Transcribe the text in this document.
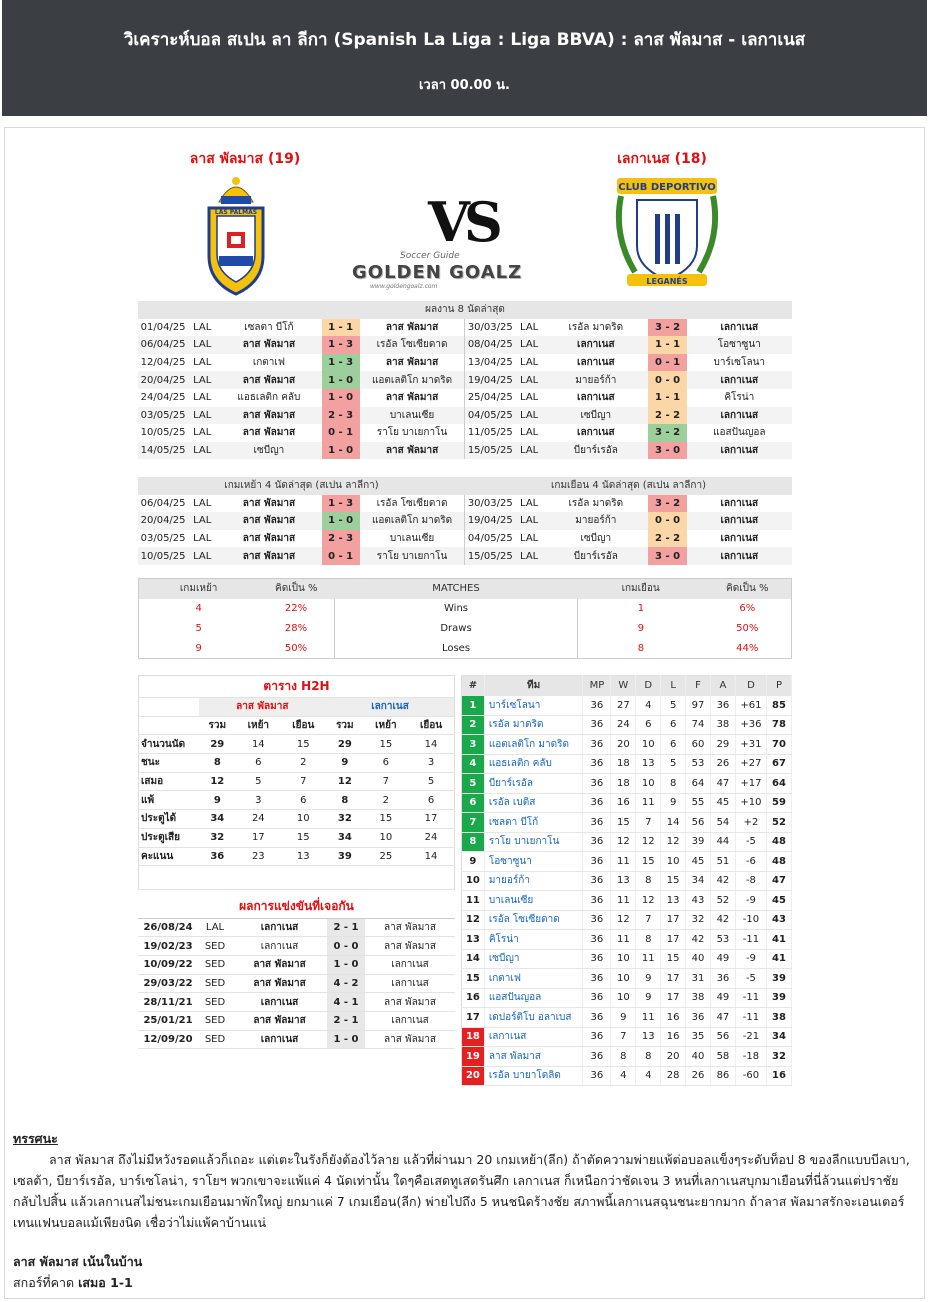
วิเคราะห์บอล สเปน ลา ลีกา (Spanish La Liga : Liga BBVA) : ลาส พัลมาส - เลกาเนส
เวลา 00.00 น.
ลาส พัลมาส (19)	เลกาเนส (18)
LAS PALMAS	VS
Soccer Guide
GOLDEN GOALZ
www.goldengoalz.com
CLUB DEPORTIVO
LEGANÉS
ผลงาน 8 นัดล่าสุด									
01/04/25	LAL	เซลตา บีโก้	1 - 1	ลาส พัลมาส	30/03/25	LAL	เรอัล มาดริด	3 - 2	เลกาเนส
06/04/25	LAL	ลาส พัลมาส	1 - 3	เรอัล โซเซียดาด	08/04/25	LAL	เลกาเนส	1 - 1	โอซาซูนา
12/04/25	LAL	เกตาเฟ	1 - 3	ลาส พัลมาส	13/04/25	LAL	เลกาเนส	0 - 1	บาร์เซโลนา
20/04/25	LAL	ลาส พัลมาส	1 - 0	แอตเลติโก มาดริด	19/04/25	LAL	มายอร์ก้า	0 - 0	เลกาเนส
24/04/25	LAL	แอธเลติก คลับ	1 - 0	ลาส พัลมาส	25/04/25	LAL	เลกาเนส	1 - 1	คิโรน่า
03/05/25	LAL	ลาส พัลมาส	2 - 3	บาเลนเซีย	04/05/25	LAL	เซบีญา	2 - 2	เลกาเนส
10/05/25	LAL	ลาส พัลมาส	0 - 1	ราโย บาเยกาโน	11/05/25	LAL	เลกาเนส	3 - 2	แอสปันญอล
14/05/25	LAL	เซบีญา	1 - 0	ลาส พัลมาส	15/05/25	LAL	บียาร์เรอัล	3 - 0	เลกาเนส
เกมเหย้า 4 นัดล่าสุด (สเปน ลาลีกา)					เกมเยือน 4 นัดล่าสุด (สเปน ลาลีกา)				
06/04/25	LAL	ลาส พัลมาส	1 - 3	เรอัล โซเซียดาด	30/03/25	LAL	เรอัล มาดริด	3 - 2	เลกาเนส
20/04/25	LAL	ลาส พัลมาส	1 - 0	แอตเลติโก มาดริด	19/04/25	LAL	มายอร์ก้า	0 - 0	เลกาเนส
03/05/25	LAL	ลาส พัลมาส	2 - 3	บาเลนเซีย	04/05/25	LAL	เซบีญา	2 - 2	เลกาเนส
10/05/25	LAL	ลาส พัลมาส	0 - 1	ราโย บาเยกาโน	15/05/25	LAL	บียาร์เรอัล	3 - 0	เลกาเนส
เกมเหย้า	คิดเป็น %	MATCHES	เกมเยือน	คิดเป็น %
4	22%	Wins	1	6%
5	28%	Draws	9	50%
9	50%	Loses	8	44%
ตาราง H2H						
	ลาส พัลมาส			เลกาเนส		
	รวม	เหย้า	เยือน	รวม	เหย้า	เยือน
จำนวนนัด	29	14	15	29	15	14
ชนะ	8	6	2	9	6	3
เสมอ	12	5	7	12	7	5
แพ้	9	3	6	8	2	6
ประตูได้	34	24	10	32	15	17
ประตูเสีย	32	17	15	34	10	24
คะแนน	36	23	13	39	25	14

ผลการแข่งขันที่เจอกัน				
26/08/24	LAL	เลกาเนส	2 - 1	ลาส พัลมาส
19/02/23	SED	เลกาเนส	0 - 0	ลาส พัลมาส
10/09/22	SED	ลาส พัลมาส	1 - 0	เลกาเนส
29/03/22	SED	ลาส พัลมาส	4 - 2	เลกาเนส
28/11/21	SED	เลกาเนส	4 - 1	ลาส พัลมาส
25/01/21	SED	ลาส พัลมาส	2 - 1	เลกาเนส
12/09/20	SED	เลกาเนส	1 - 0	ลาส พัลมาส
#	ทีม	MP	W	D	L	F	A	D	P
1	บาร์เซโลนา	36	27	4	5	97	36	+61	85
2	เรอัล มาดริด	36	24	6	6	74	38	+36	78
3	แอตเลติโก มาดริด	36	20	10	6	60	29	+31	70
4	แอธเลติก คลับ	36	18	13	5	53	26	+27	67
5	บียาร์เรอัล	36	18	10	8	64	47	+17	64
6	เรอัล เบติส	36	16	11	9	55	45	+10	59
7	เซลตา บีโก้	36	15	7	14	56	54	+2	52
8	ราโย บาเยกาโน	36	12	12	12	39	44	-5	48
9	โอซาซูนา	36	11	15	10	45	51	-6	48
10	มายอร์ก้า	36	13	8	15	34	42	-8	47
11	บาเลนเซีย	36	11	12	13	43	52	-9	45
12	เรอัล โซเซียดาด	36	12	7	17	32	42	-10	43
13	คิโรน่า	36	11	8	17	42	53	-11	41
14	เซบีญา	36	10	11	15	40	49	-9	41
15	เกตาเฟ	36	10	9	17	31	36	-5	39
16	แอสปันญอล	36	10	9	17	38	49	-11	39
17	เดปอร์ติโบ อลาเบส	36	9	11	16	36	47	-11	38
18	เลกาเนส	36	7	13	16	35	56	-21	34
19	ลาส พัลมาส	36	8	8	20	40	58	-18	32
20	เรอัล บายาโดลิด	36	4	4	28	26	86	-60	16
ทรรศนะ
ลาส พัลมาส ถึงไม่มีหวังรอดแล้วก็เถอะ แต่เตะในรังก็ยังต้องไว้ลาย แล้วที่ผ่านมา 20 เกมเหย้า(ลีก) ถ้าตัดความพ่ายแพ้ต่อบอลแข็งๆระดับท็อป 8 ของลีกแบบบีลเบา, เซลต้า, บียาร์เรอัล, บาร์เซโลน่า, ราโยฯ พวกเขาจะแพ้แค่ 4 นัดเท่านั้น ใดๆคือเสดทูเสดรันศึก เลกาเนส ก็เหนือกว่าชัดเจน 3 หนที่เลกาเนสบุกมาเยือนที่นี่ล้วนแต่ปราชัยกลับไปสิ้น แล้วเลกาเนสไม่ชนะเกมเยือนมาพักใหญ่ ยกมาแค่ 7 เกมเยือน(ลีก) พ่ายไปถึง 5 หนชนิดร้างชัย สภาพนี้เลกาเนสฉุนชนะยากมาก ถ้าลาส พัลมาสรักจะเอนเตอร์เทนแฟนบอลแม้เพียงนิด เชื่อว่าไม่แพ้คาบ้านแน่
ลาส พัลมาส เน้นในบ้าน
สกอร์ที่คาด เสมอ 1-1
